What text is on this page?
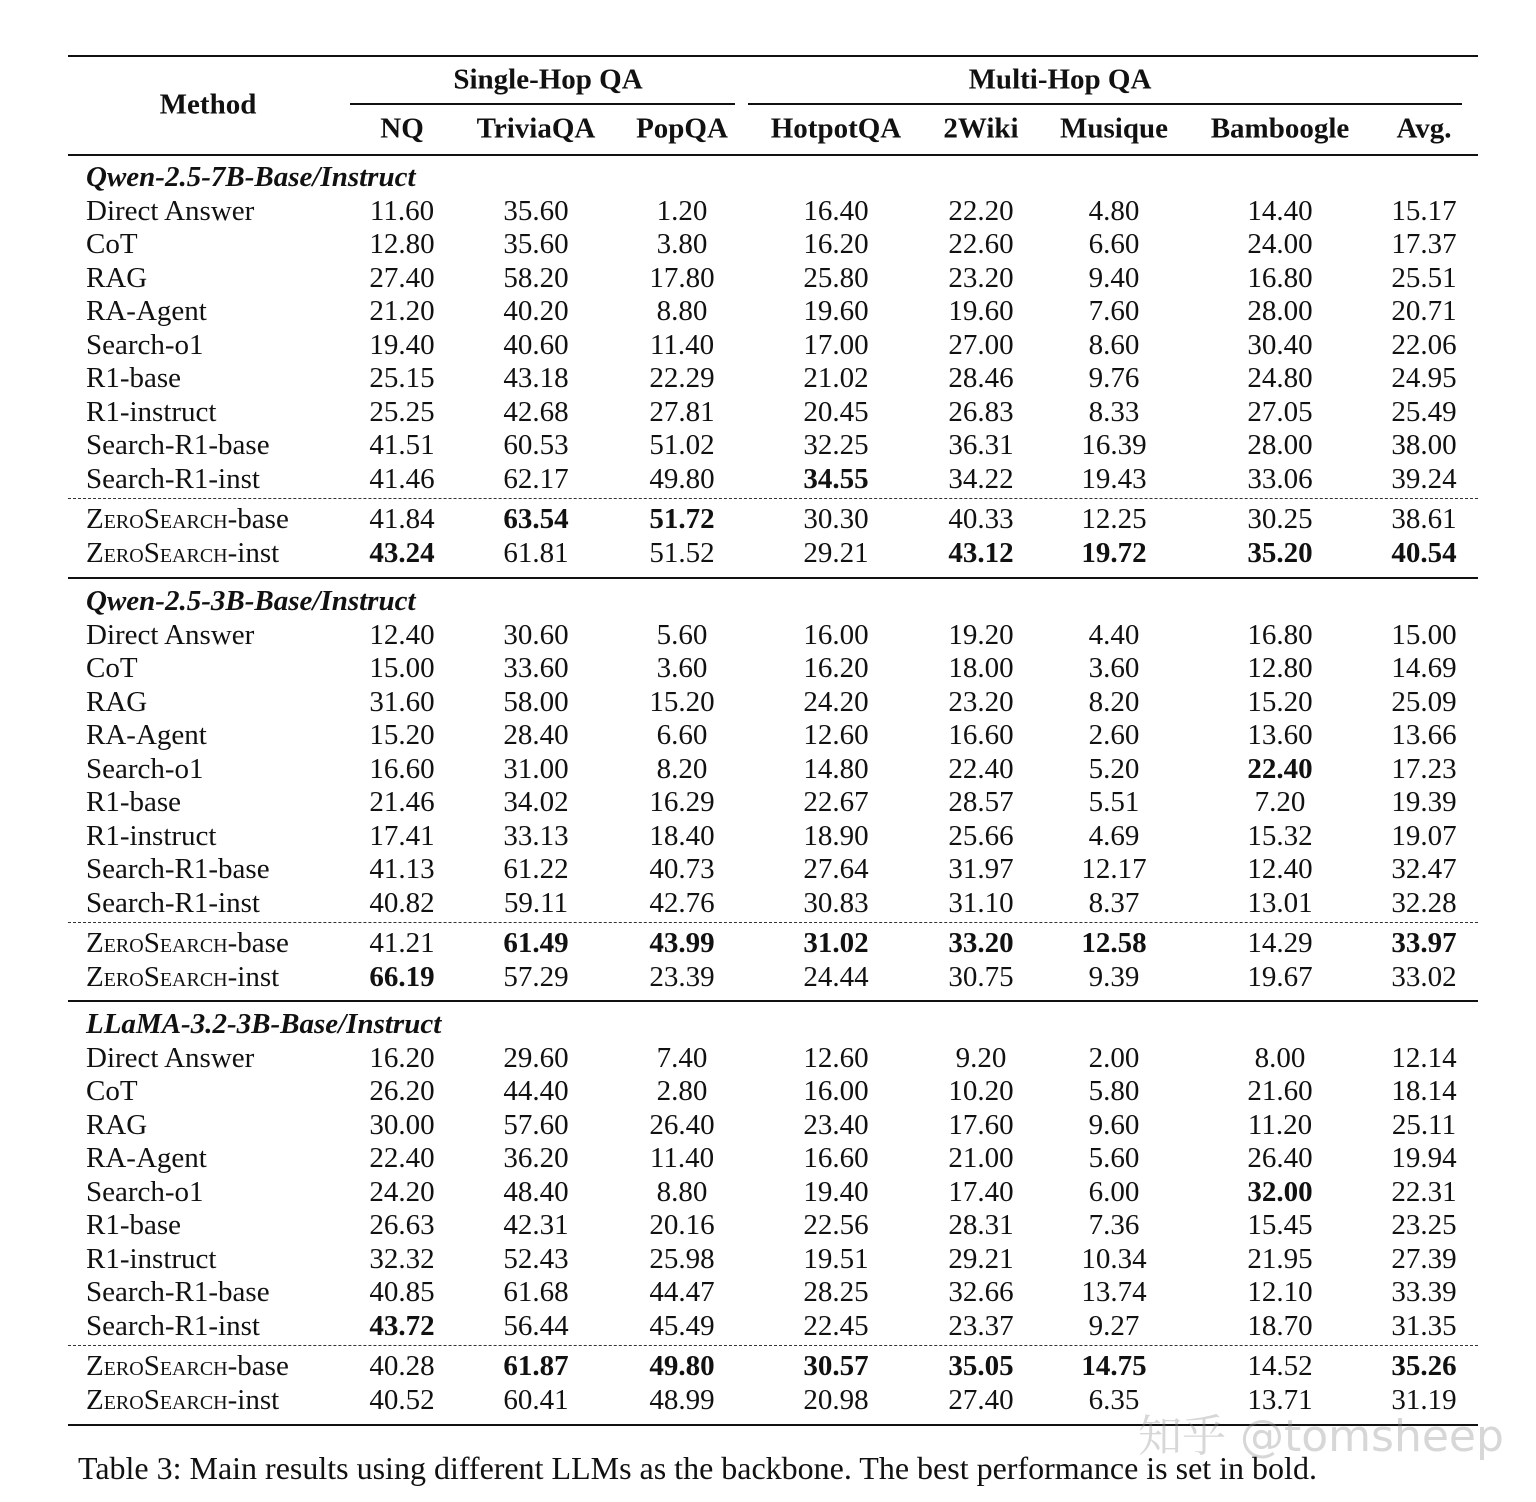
Method
Single-Hop QA	Multi-Hop QA
NQ TriviaQA PopQA HotpotQA 2Wiki Musique Bamboogle Avg.
Qwen-2.5-7B-Base/Instruct
Direct Answer	11.60 35.60	1.20	16.40	22.20	4.80	14.40	15.17
CoT	12.80 35.60	3.80	16.20	22.60	6.60	24.00	17.37
RAG	27.40 58.20	17.80	25.80	23.20	9.40	16.80	25.51
RA-Agent	21.20 40.20	8.80	19.60	19.60	7.60	28.00	20.71
Search-o1	19.40 40.60	11.40	17.00	27.00	8.60	30.40	22.06
R1-base	25.15 43.18	22.29	21.02	28.46	9.76	24.80	24.95
R1-instruct	25.25 42.68	27.81	20.45	26.83	8.33	27.05	25.49
Search-R1-base	41.51 60.53	51.02	32.25	36.31 16.39	28.00	38.00
Search-R1-inst	41.46 62.17	49.80	34.55	34.22 19.43	33.06	39.24
ZeroSearch-base	41.84 63.54	51.72	30.30	40.33 12.25	30.25	38.61
ZeroSearch-inst	43.24 61.81	51.52	29.21	43.12 19.72	35.20	40.54
Qwen-2.5-3B-Base/Instruct
Direct Answer	12.40 30.60	5.60	16.00	19.20	4.40	16.80	15.00
CoT	15.00 33.60	3.60	16.20	18.00	3.60	12.80	14.69
RAG	31.60 58.00	15.20	24.20	23.20	8.20	15.20	25.09
RA-Agent	15.20 28.40	6.60	12.60	16.60	2.60	13.60	13.66
Search-o1	16.60 31.00	8.20	14.80	22.40	5.20	22.40	17.23
R1-base	21.46 34.02	16.29	22.67	28.57	5.51	7.20	19.39
R1-instruct	17.41 33.13	18.40	18.90	25.66	4.69	15.32	19.07
Search-R1-base	41.13 61.22	40.73	27.64	31.97 12.17	12.40	32.47
Search-R1-inst	40.82 59.11	42.76	30.83	31.10	8.37	13.01	32.28
ZeroSearch-base	41.21 61.49	43.99	31.02	33.20 12.58	14.29	33.97
ZeroSearch-inst	66.19 57.29	23.39	24.44	30.75	9.39	19.67	33.02
LLaMA-3.2-3B-Base/Instruct
Direct Answer	16.20 29.60	7.40	12.60	9.20	2.00	8.00	12.14
CoT	26.20 44.40	2.80	16.00	10.20	5.80	21.60	18.14
RAG	30.00 57.60	26.40	23.40	17.60	9.60	11.20	25.11
RA-Agent	22.40 36.20	11.40	16.60	21.00	5.60	26.40	19.94
Search-o1	24.20 48.40	8.80	19.40	17.40	6.00	32.00	22.31
R1-base	26.63 42.31	20.16	22.56	28.31	7.36	15.45	23.25
R1-instruct	32.32 52.43	25.98	19.51	29.21 10.34	21.95	27.39
Search-R1-base	40.85 61.68	44.47	28.25	32.66 13.74	12.10	33.39
Search-R1-inst	43.72 56.44	45.49	22.45	23.37	9.27	18.70	31.35
ZeroSearch-base	40.28 61.87	49.80	30.57	35.05 14.75	14.52	35.26
ZeroSearch-inst	40.52 60.41	48.99	20.98	27.40	6.35	13.71	31.19
知乎 @tomsheep
Table 3: Main results using different LLMs as the backbone. The best performance is set in bold.
